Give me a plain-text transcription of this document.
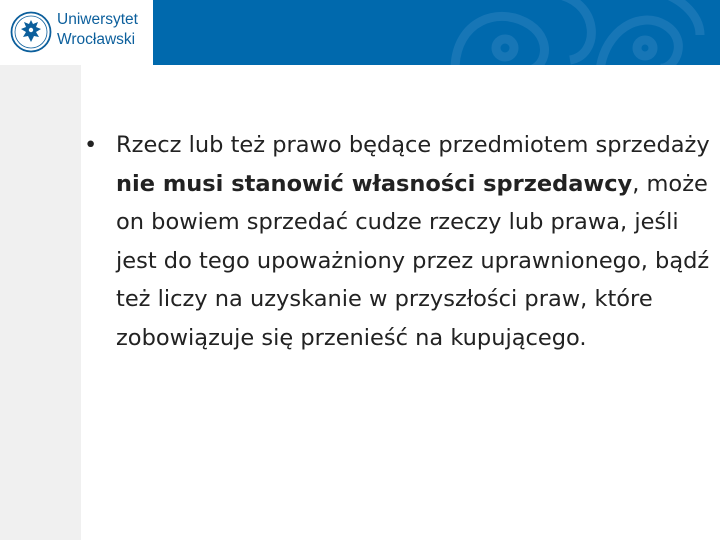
Uniwersytet
Wrocławski
• Rzecz lub też prawo będące przedmiotem sprzedaży nie musi stanowić własności sprzedawcy, może on bowiem sprzedać cudze rzeczy lub prawa, jeśli jest do tego upoważniony przez uprawnionego, bądź też liczy na uzyskanie w przyszłości praw, które zobowiązuje się przenieść na kupującego.
